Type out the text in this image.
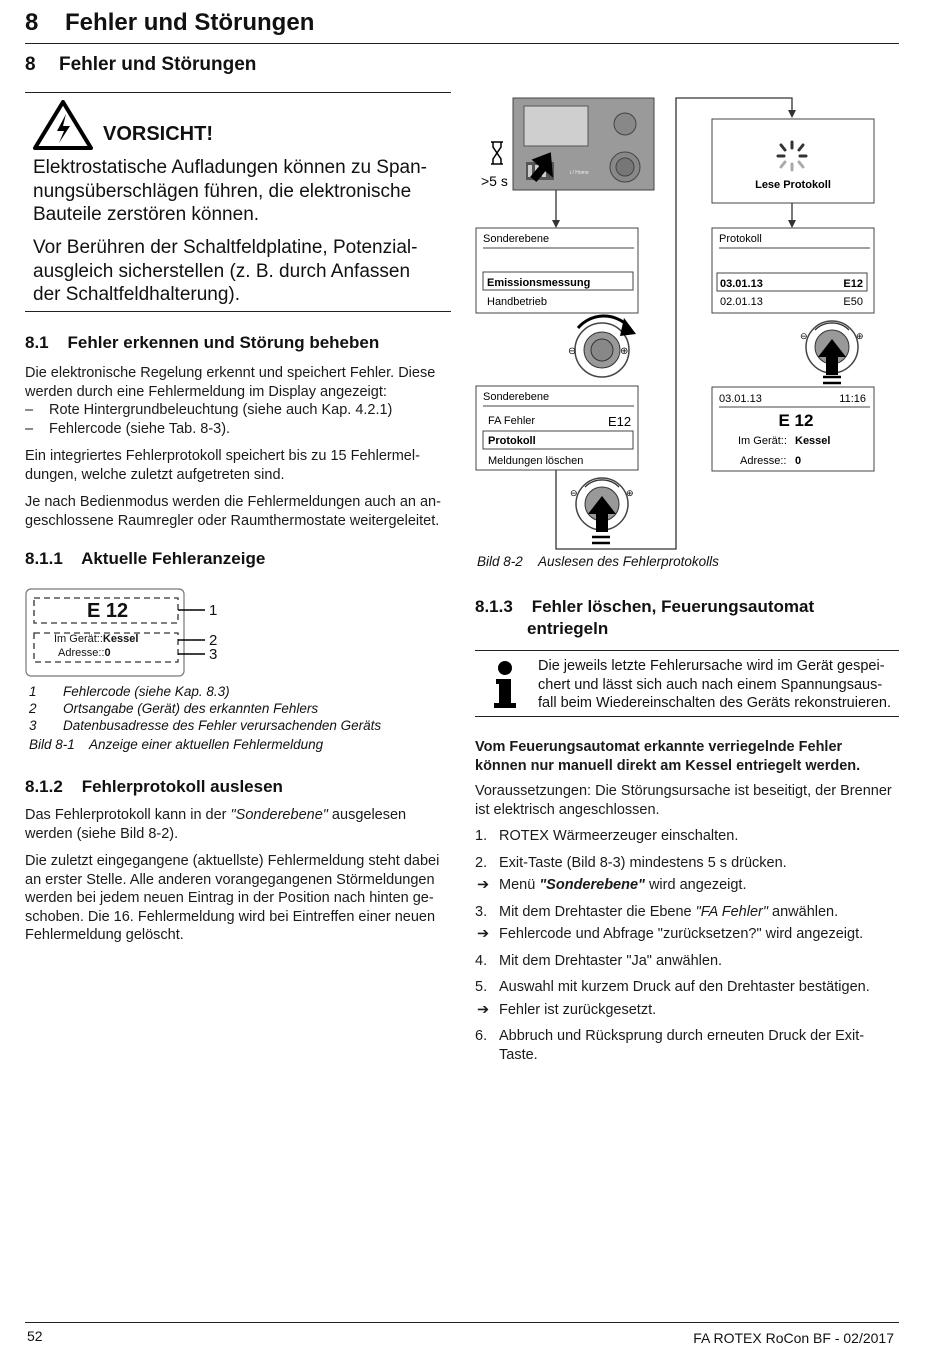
8    Fehler und Störungen
8	Fehler und Störungen
VORSICHT!
Elektrostatische Aufladungen können zu Span-
nungsüberschlägen führen, die elektronische
Bauteile zerstören können.
Vor Berühren der Schaltfeldplatine, Potenzial-
ausgleich sicherstellen (z. B. durch Anfassen
der Schaltfeldhalterung).
8.1    Fehler erkennen und Störung beheben
Die elektronische Regelung erkennt und speichert Fehler. Diese
werden durch eine Fehlermeldung im Display angezeigt:
–	Rote Hintergrundbeleuchtung (siehe auch Kap. 4.2.1)
–	Fehlercode (siehe Tab. 8-3).
Ein integriertes Fehlerprotokoll speichert bis zu 15 Fehlermel-
dungen, welche zuletzt aufgetreten sind.
Je nach Bedienmodus werden die Fehlermeldungen auch an an-
geschlossene Raumregler oder Raumthermostate weitergeleitet.
8.1.1    Aktuelle Fehleranzeige
E 12
Im Gerät::Kessel
Adresse::0
1
2
3
1	Fehlercode (siehe Kap. 8.3)
2	Ortsangabe (Gerät) des erkannten Fehlers
3	Datenbusadresse des Fehler verursachenden Geräts
Bild 8-1	Anzeige einer aktuellen Fehlermeldung
8.1.2    Fehlerprotokoll auslesen
Das Fehlerprotokoll kann in der "Sonderebene" ausgelesen
werden (siehe Bild 8-2).
Die zuletzt eingegangene (aktuellste) Fehlermeldung steht dabei
an erster Stelle. Alle anderen vorangegangenen Störmeldungen
werden bei jedem neuen Eintrag in der Position nach hinten ge-
schoben. Die 16. Fehlermeldung wird bei Eintreffen einer neuen
Fehlermeldung gelöscht.
i / Home
>5 s
Sonderebene
Emissionsmessung
Handbetrieb
⊖	⊕
Sonderebene
FA Fehler	E12
Protokoll
Meldungen löschen
⊖	⊕
Lese Protokoll
Protokoll
03.01.13	E12
02.01.13	E50
⊖	⊕
03.01.13	11:16
E 12
Im Gerät:: Kessel
Adresse:: 0
Bild 8-2	Auslesen des Fehlerprotokolls
8.1.3    Fehler löschen, Feuerungsautomat
entriegeln
Die jeweils letzte Fehlerursache wird im Gerät gespei-
chert und lässt sich auch nach einem Spannungsaus-
fall beim Wiedereinschalten des Geräts rekonstruieren.
Vom Feuerungsautomat erkannte verriegelnde Fehler
können nur manuell direkt am Kessel entriegelt werden.
Voraussetzungen: Die Störungsursache ist beseitigt, der Brenner
ist elektrisch angeschlossen.
1. ROTEX Wärmeerzeuger einschalten.
2. Exit-Taste (Bild 8-3) mindestens 5 s drücken.
➔ Menü "Sonderebene" wird angezeigt.
3. Mit dem Drehtaster die Ebene "FA Fehler" anwählen.
➔ Fehlercode und Abfrage "zurücksetzen?" wird angezeigt.
4. Mit dem Drehtaster "Ja" anwählen.
5. Auswahl mit kurzem Druck auf den Drehtaster bestätigen.
➔ Fehler ist zurückgesetzt.
6. Abbruch und Rücksprung durch erneuten Druck der Exit-
Taste.
52	FA ROTEX RoCon BF - 02/2017
